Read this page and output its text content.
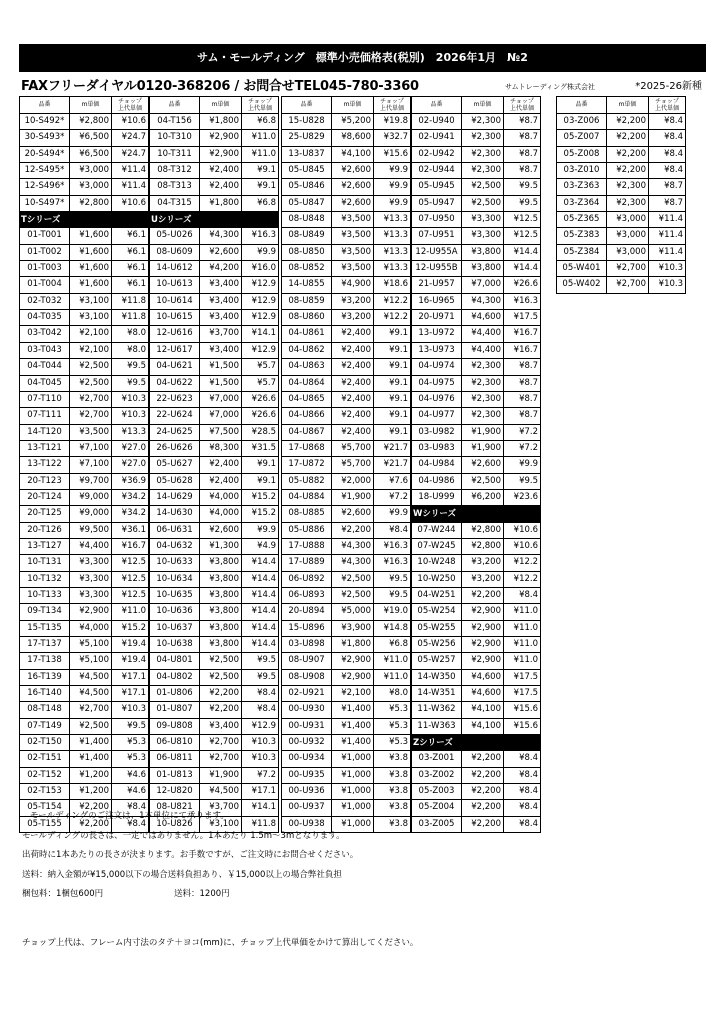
サム・モールディング　標準小売価格表(税別)　2026年1月　№2
FAXフリーダイヤル0120-368206 / お問合せTEL045-780-3360	サムトレーディング株式会社	*2025-26新種
品番	m単価
チョップ
上代単価
10-S492*	¥2,800	¥10.6
30-S493*	¥6,500	¥24.7
20-S494*	¥6,500	¥24.7
12-S495*	¥3,000	¥11.4
12-S496*	¥3,000	¥11.4
10-S497*	¥2,800	¥10.6
Tシリーズ
01-T001	¥1,600	¥6.1
01-T002	¥1,600	¥6.1
01-T003	¥1,600	¥6.1
01-T004	¥1,600	¥6.1
02-T032	¥3,100	¥11.8
04-T035	¥3,100	¥11.8
03-T042	¥2,100	¥8.0
03-T043	¥2,100	¥8.0
04-T044	¥2,500	¥9.5
04-T045	¥2,500	¥9.5
07-T110	¥2,700	¥10.3
07-T111	¥2,700	¥10.3
14-T120	¥3,500	¥13.3
13-T121	¥7,100	¥27.0
13-T122	¥7,100	¥27.0
20-T123	¥9,700	¥36.9
20-T124	¥9,000	¥34.2
20-T125	¥9,000	¥34.2
20-T126	¥9,500	¥36.1
13-T127	¥4,400	¥16.7
10-T131	¥3,300	¥12.5
10-T132	¥3,300	¥12.5
10-T133	¥3,300	¥12.5
09-T134	¥2,900	¥11.0
15-T135	¥4,000	¥15.2
17-T137	¥5,100	¥19.4
17-T138	¥5,100	¥19.4
16-T139	¥4,500	¥17.1
16-T140	¥4,500	¥17.1
08-T148	¥2,700	¥10.3
07-T149	¥2,500	¥9.5
02-T150	¥1,400	¥5.3
02-T151	¥1,400	¥5.3
02-T152	¥1,200	¥4.6
02-T153	¥1,200	¥4.6
05-T154	¥2,200	¥8.4
05-T155	¥2,200	¥8.4
品番	m単価
チョップ
上代単価
04-T156	¥1,800	¥6.8
10-T310	¥2,900	¥11.0
10-T311	¥2,900	¥11.0
08-T312	¥2,400	¥9.1
08-T313	¥2,400	¥9.1
04-T315	¥1,800	¥6.8
Uシリーズ
05-U026	¥4,300	¥16.3
08-U609	¥2,600	¥9.9
14-U612	¥4,200	¥16.0
10-U613	¥3,400	¥12.9
10-U614	¥3,400	¥12.9
10-U615	¥3,400	¥12.9
12-U616	¥3,700	¥14.1
12-U617	¥3,400	¥12.9
04-U621	¥1,500	¥5.7
04-U622	¥1,500	¥5.7
22-U623	¥7,000	¥26.6
22-U624	¥7,000	¥26.6
24-U625	¥7,500	¥28.5
26-U626	¥8,300	¥31.5
05-U627	¥2,400	¥9.1
05-U628	¥2,400	¥9.1
14-U629	¥4,000	¥15.2
14-U630	¥4,000	¥15.2
06-U631	¥2,600	¥9.9
04-U632	¥1,300	¥4.9
10-U633	¥3,800	¥14.4
10-U634	¥3,800	¥14.4
10-U635	¥3,800	¥14.4
10-U636	¥3,800	¥14.4
10-U637	¥3,800	¥14.4
10-U638	¥3,800	¥14.4
04-U801	¥2,500	¥9.5
04-U802	¥2,500	¥9.5
01-U806	¥2,200	¥8.4
01-U807	¥2,200	¥8.4
09-U808	¥3,400	¥12.9
06-U810	¥2,700	¥10.3
06-U811	¥2,700	¥10.3
01-U813	¥1,900	¥7.2
12-U820	¥4,500	¥17.1
08-U821	¥3,700	¥14.1
10-U826	¥3,100	¥11.8
品番	m単価
チョップ
上代単価
15-U828	¥5,200	¥19.8
25-U829	¥8,600	¥32.7
13-U837	¥4,100	¥15.6
05-U845	¥2,600	¥9.9
05-U846	¥2,600	¥9.9
05-U847	¥2,600	¥9.9
08-U848	¥3,500	¥13.3
08-U849	¥3,500	¥13.3
08-U850	¥3,500	¥13.3
08-U852	¥3,500	¥13.3
14-U855	¥4,900	¥18.6
08-U859	¥3,200	¥12.2
08-U860	¥3,200	¥12.2
04-U861	¥2,400	¥9.1
04-U862	¥2,400	¥9.1
04-U863	¥2,400	¥9.1
04-U864	¥2,400	¥9.1
04-U865	¥2,400	¥9.1
04-U866	¥2,400	¥9.1
04-U867	¥2,400	¥9.1
17-U868	¥5,700	¥21.7
17-U872	¥5,700	¥21.7
05-U882	¥2,000	¥7.6
04-U884	¥1,900	¥7.2
08-U885	¥2,600	¥9.9
05-U886	¥2,200	¥8.4
17-U888	¥4,300	¥16.3
17-U889	¥4,300	¥16.3
06-U892	¥2,500	¥9.5
06-U893	¥2,500	¥9.5
20-U894	¥5,000	¥19.0
15-U896	¥3,900	¥14.8
03-U898	¥1,800	¥6.8
08-U907	¥2,900	¥11.0
08-U908	¥2,900	¥11.0
02-U921	¥2,100	¥8.0
00-U930	¥1,400	¥5.3
00-U931	¥1,400	¥5.3
00-U932	¥1,400	¥5.3
00-U934	¥1,000	¥3.8
00-U935	¥1,000	¥3.8
00-U936	¥1,000	¥3.8
00-U937	¥1,000	¥3.8
00-U938	¥1,000	¥3.8
品番	m単価
チョップ
上代単価
02-U940	¥2,300	¥8.7
02-U941	¥2,300	¥8.7
02-U942	¥2,300	¥8.7
02-U944	¥2,300	¥8.7
05-U945	¥2,500	¥9.5
05-U947	¥2,500	¥9.5
07-U950	¥3,300	¥12.5
07-U951	¥3,300	¥12.5
12-U955A	¥3,800	¥14.4
12-U955B	¥3,800	¥14.4
21-U957	¥7,000	¥26.6
16-U965	¥4,300	¥16.3
20-U971	¥4,600	¥17.5
13-U972	¥4,400	¥16.7
13-U973	¥4,400	¥16.7
04-U974	¥2,300	¥8.7
04-U975	¥2,300	¥8.7
04-U976	¥2,300	¥8.7
04-U977	¥2,300	¥8.7
03-U982	¥1,900	¥7.2
03-U983	¥1,900	¥7.2
04-U984	¥2,600	¥9.9
04-U986	¥2,500	¥9.5
18-U999	¥6,200	¥23.6
Wシリーズ
07-W244	¥2,800	¥10.6
07-W245	¥2,800	¥10.6
10-W248	¥3,200	¥12.2
10-W250	¥3,200	¥12.2
04-W251	¥2,200	¥8.4
05-W254	¥2,900	¥11.0
05-W255	¥2,900	¥11.0
05-W256	¥2,900	¥11.0
05-W257	¥2,900	¥11.0
14-W350	¥4,600	¥17.5
14-W351	¥4,600	¥17.5
11-W362	¥4,100	¥15.6
11-W363	¥4,100	¥15.6
Zシリーズ
03-Z001	¥2,200	¥8.4
03-Z002	¥2,200	¥8.4
05-Z003	¥2,200	¥8.4
05-Z004	¥2,200	¥8.4
03-Z005	¥2,200	¥8.4
品番	m単価
チョップ
上代単価
03-Z006	¥2,200	¥8.4
05-Z007	¥2,200	¥8.4
05-Z008	¥2,200	¥8.4
03-Z010	¥2,200	¥8.4
03-Z363	¥2,300	¥8.7
03-Z364	¥2,300	¥8.7
05-Z365	¥3,000	¥11.4
05-Z383	¥3,000	¥11.4
05-Z384	¥3,000	¥11.4
05-W401	¥2,700	¥10.3
05-W402	¥2,700	¥10.3
モールディングのご注文は、1本単位にて承ります。
モールディングの長さは、一定ではありません。1本あたり 1.5m～3mとなります。
出荷時に1本あたりの長さが決まります。お手数ですが、ご注文時にお問合せください。
送料：納入金額が¥15,000以下の場合送料負担あり、￥15,000以上の場合弊社負担
梱包料：1梱包600円	送料：1200円
チョップ上代は、フレーム内寸法のタテ＋ヨコ(mm)に、チョップ上代単価をかけて算出してください。
